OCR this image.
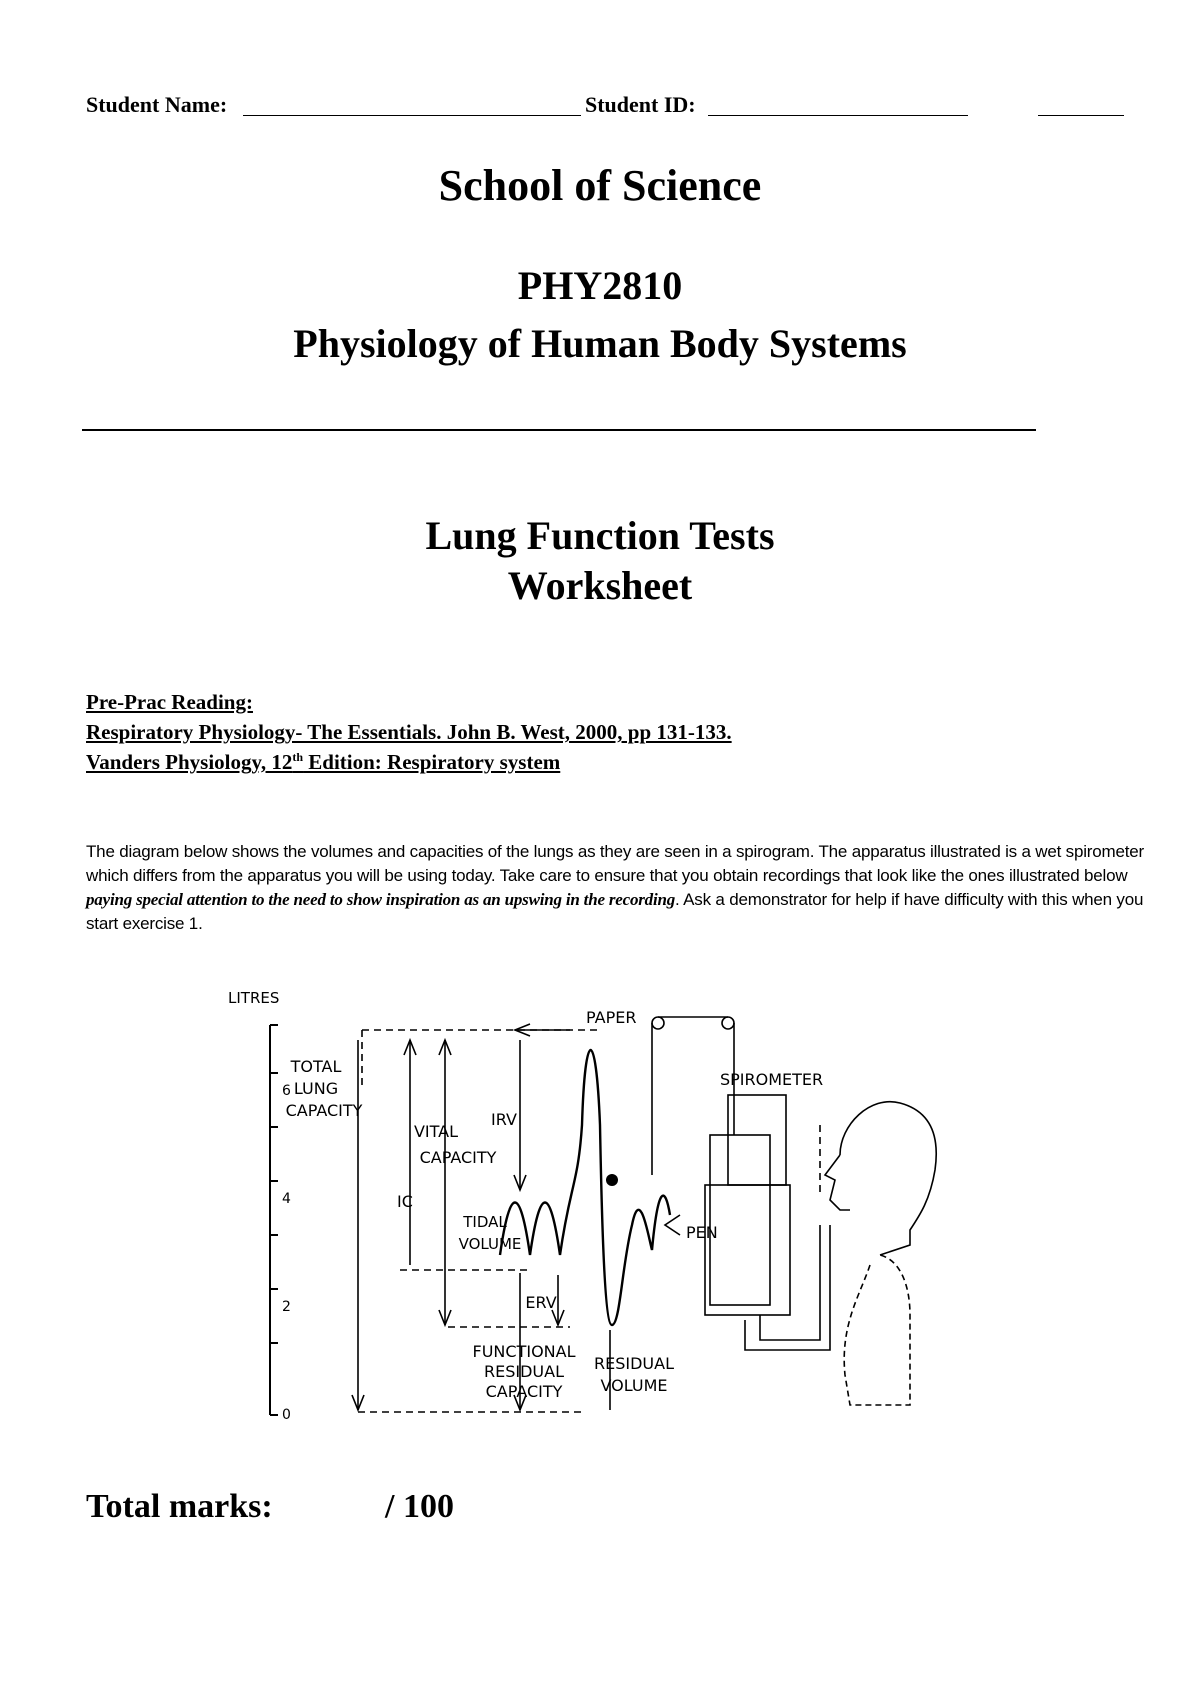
Student Name:	Student ID:
School of Science
PHY2810
Physiology of Human Body Systems
Lung Function Tests
Worksheet
Pre-Prac Reading:
Respiratory Physiology- The Essentials. John B. West, 2000, pp 131-133.
Vanders Physiology, 12th Edition: Respiratory system
The diagram below shows the volumes and capacities of the lungs as they are seen in a spirogram. The apparatus illustrated is a wet spirometer which differs from the apparatus you will be using today. Take care to ensure that you obtain recordings that look like the ones illustrated below paying special attention to the need to show inspiration as an upswing in the recording. Ask a demonstrator for help if have difficulty with this when you start exercise 1.
LITRES
0
2
4
6
PAPER
SPIROMETER
PEN
TOTAL
LUNG
CAPACITY
VITAL
CAPACITY
IRV
IC
TIDAL
VOLUME
ERV
FUNCTIONAL
RESIDUAL
CAPACITY
RESIDUAL
VOLUME
Total marks:	/ 100
